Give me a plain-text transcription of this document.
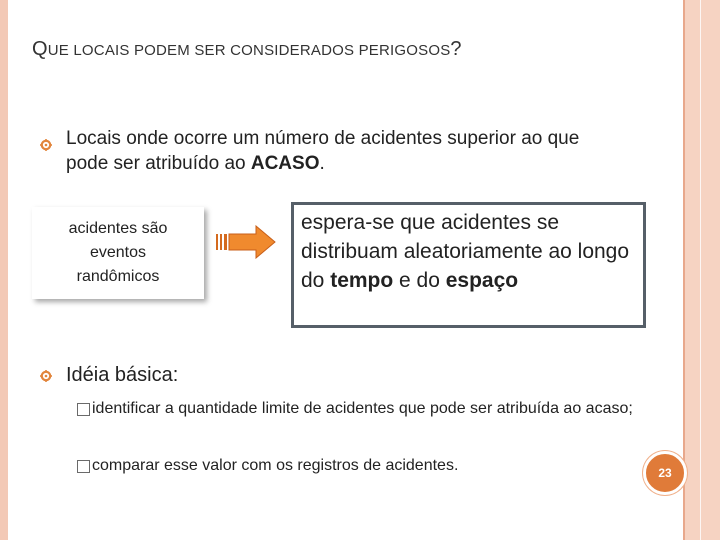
QUE LOCAIS PODEM SER CONSIDERADOS PERIGOSOS?
Locais onde ocorre um número de acidentes superior ao que pode ser atribuído ao ACASO.
acidentes são
eventos
randômicos
espera-se que acidentes se distribuam aleatoriamente ao longo do tempo e do espaço
Idéia básica:
identificar a quantidade limite de acidentes que pode ser atribuída ao acaso;
comparar esse valor com os registros de acidentes.	23
